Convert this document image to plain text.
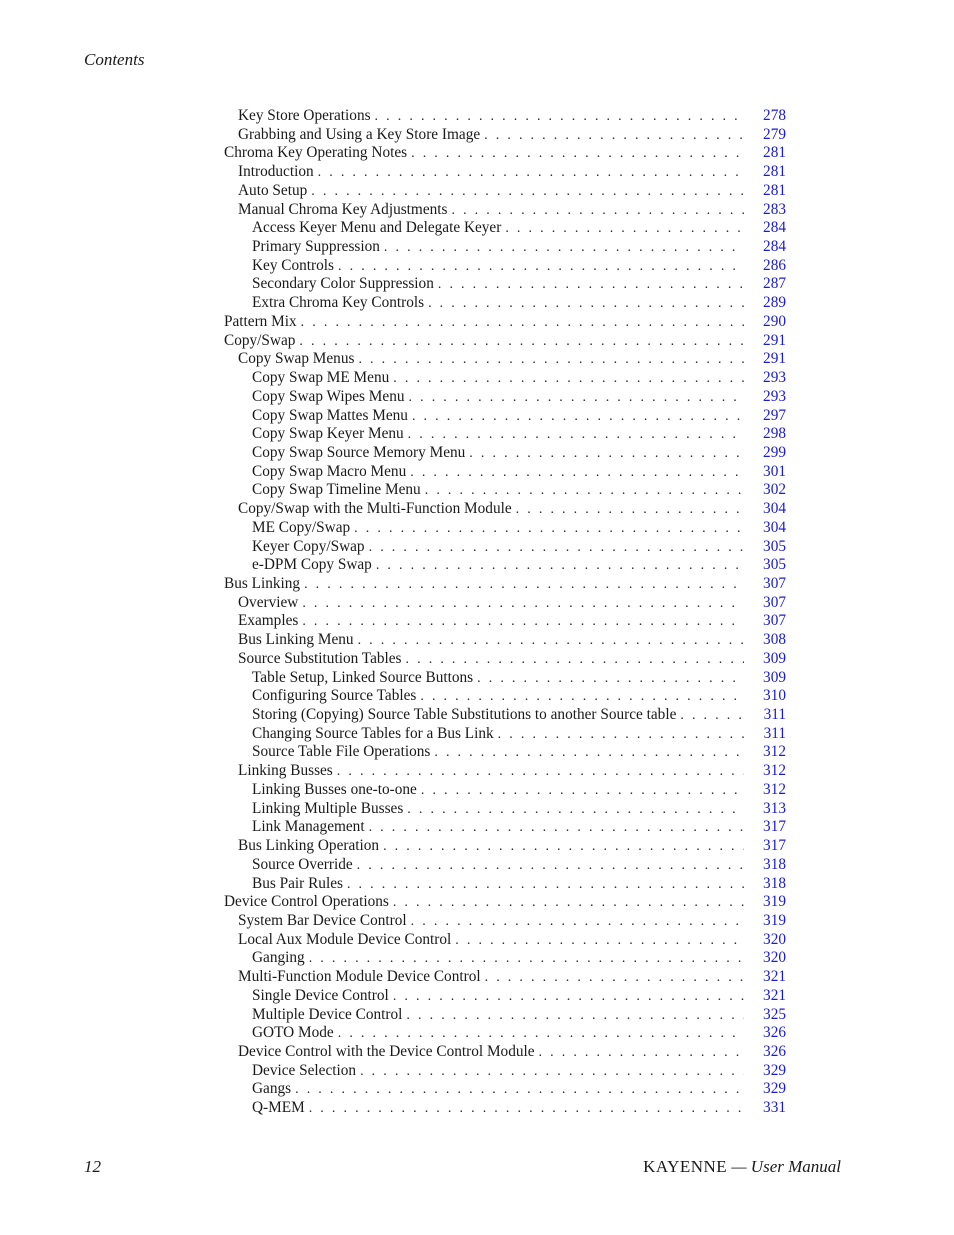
Contents
Key Store Operations . . .	278
Grabbing and Using a Key Store Image . . .	279
Chroma Key Operating Notes . . .	281
Introduction . . .	281
Auto Setup . . .	281
Manual Chroma Key Adjustments . . .	283
Access Keyer Menu and Delegate Keyer . . .	284
Primary Suppression . . .	284
Key Controls . . .	286
Secondary Color Suppression . . .	287
Extra Chroma Key Controls . . .	289
Pattern Mix . . .	290
Copy/Swap . . .	291
Copy Swap Menus . . .	291
Copy Swap ME Menu . . .	293
Copy Swap Wipes Menu . . .	293
Copy Swap Mattes Menu . . .	297
Copy Swap Keyer Menu . . .	298
Copy Swap Source Memory Menu . . .	299
Copy Swap Macro Menu . . .	301
Copy Swap Timeline Menu . . .	302
Copy/Swap with the Multi-Function Module . . .	304
ME Copy/Swap . . .	304
Keyer Copy/Swap . . .	305
e-DPM Copy Swap . . .	305
Bus Linking . . .	307
Overview . . .	307
Examples . . .	307
Bus Linking Menu . . .	308
Source Substitution Tables . . .	309
Table Setup, Linked Source Buttons . . .	309
Configuring Source Tables . . .	310
Storing (Copying) Source Table Substitutions to another Source table . . .	311
Changing Source Tables for a Bus Link . . .	311
Source Table File Operations . . .	312
Linking Busses . . .	312
Linking Busses one-to-one . . .	312
Linking Multiple Busses . . .	313
Link Management . . .	317
Bus Linking Operation . . .	317
Source Override . . .	318
Bus Pair Rules . . .	318
Device Control Operations . . .	319
System Bar Device Control . . .	319
Local Aux Module Device Control . . .	320
Ganging . . .	320
Multi-Function Module Device Control . . .	321
Single Device Control . . .	321
Multiple Device Control . . .	325
GOTO Mode . . .	326
Device Control with the Device Control Module . . .	326
Device Selection . . .	329
Gangs . . .	329
Q-MEM . . .	331
12	KAYENNE — User Manual
